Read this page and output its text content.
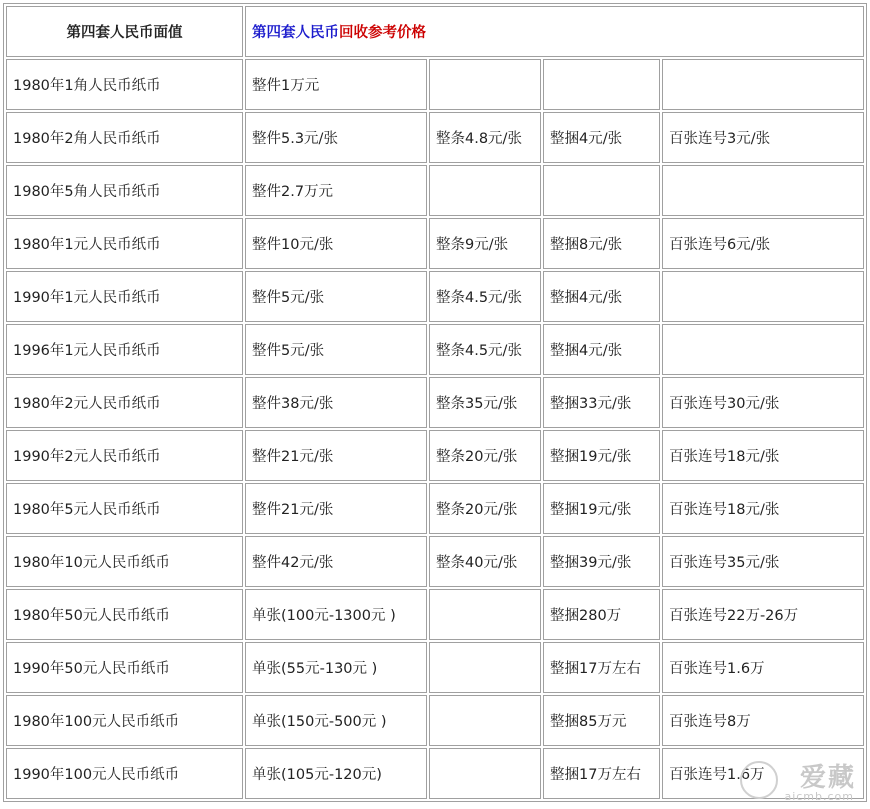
第四套人民币面值	第四套人民币回收参考价格			
1980年1角人民币纸币	整件1万元			
1980年2角人民币纸币	整件5.3元/张	整条4.8元/张	整捆4元/张	百张连号3元/张
1980年5角人民币纸币	整件2.7万元			
1980年1元人民币纸币	整件10元/张	整条9元/张	整捆8元/张	百张连号6元/张
1990年1元人民币纸币	整件5元/张	整条4.5元/张	整捆4元/张	
1996年1元人民币纸币	整件5元/张	整条4.5元/张	整捆4元/张	
1980年2元人民币纸币	整件38元/张	整条35元/张	整捆33元/张	百张连号30元/张
1990年2元人民币纸币	整件21元/张	整条20元/张	整捆19元/张	百张连号18元/张
1980年5元人民币纸币	整件21元/张	整条20元/张	整捆19元/张	百张连号18元/张
1980年10元人民币纸币	整件42元/张	整条40元/张	整捆39元/张	百张连号35元/张
1980年50元人民币纸币	单张(100元-1300元 )		整捆280万	百张连号22万-26万
1990年50元人民币纸币	单张(55元-130元 )		整捆17万左右	百张连号1.6万
1980年100元人民币纸币	单张(150元-500元 )		整捆85万元	百张连号8万
1990年100元人民币纸币	单张(105元-120元)		整捆17万左右	百张连号1.6万 爱藏
aicmb.com
